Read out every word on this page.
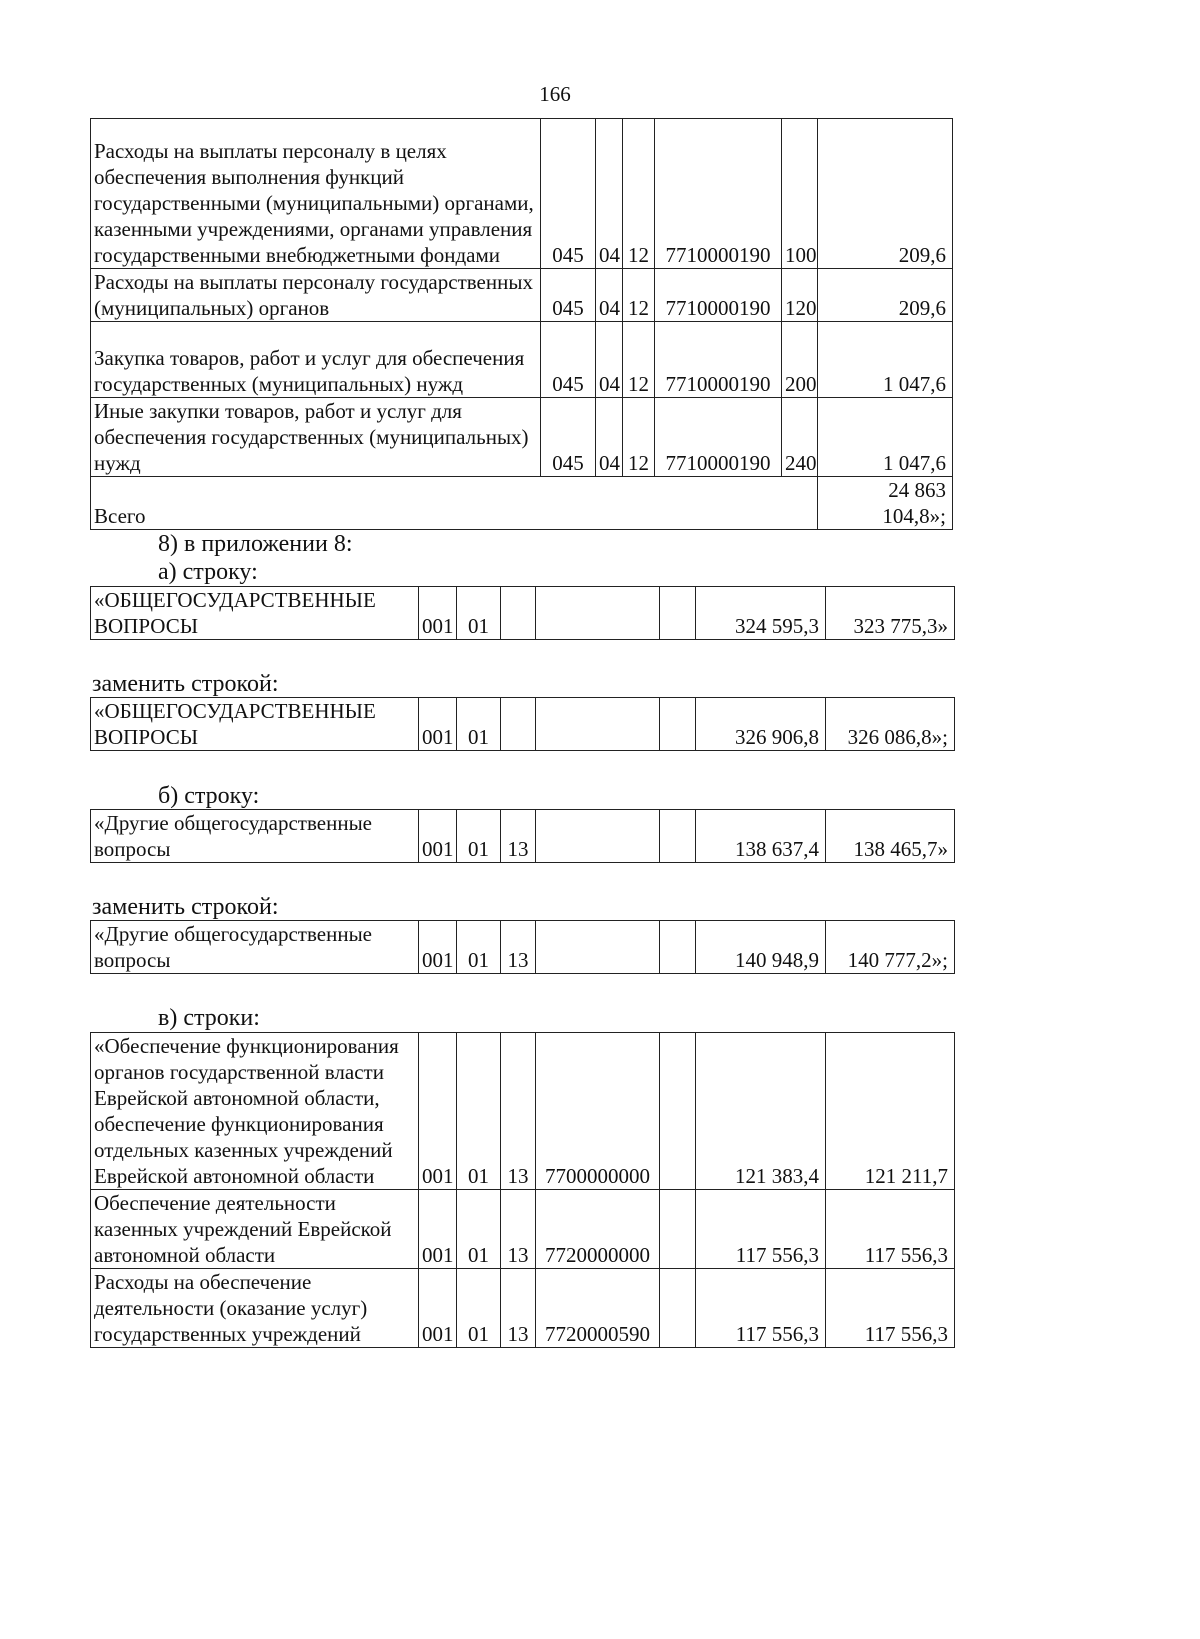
166
Расходы на выплаты персоналу в целях обеспечения выполнения функций государственными (муниципальными) органами, казенными учреждениями, органами управления государственными внебюджетными фондами	045	04	12	7710000190	100	209,6
Расходы на выплаты персоналу государственных (муниципальных) органов	045	04	12	7710000190	120	209,6
Закупка товаров, работ и услуг для обеспечения государственных (муниципальных) нужд	045	04	12	7710000190	200	1 047,6
Иные закупки товаров, работ и услуг для обеспечения государственных (муниципальных) нужд	045	04	12	7710000190	240	1 047,6
Всего						24 863 104,8»;
8) в приложении 8:
а) строку:
«ОБЩЕГОСУДАРСТВЕННЫЕ ВОПРОСЫ	001	01				324 595,3	323 775,3»
заменить строкой:
«ОБЩЕГОСУДАРСТВЕННЫЕ ВОПРОСЫ	001	01				326 906,8	326 086,8»;
б) строку:
«Другие общегосударственные вопросы	001	01	13			138 637,4	138 465,7»
заменить строкой:
«Другие общегосударственные вопросы	001	01	13			140 948,9	140 777,2»;
в) строки:
«Обеспечение функционирования органов государственной власти Еврейской автономной области, обеспечение функционирования отдельных казенных учреждений Еврейской автономной области	001	01	13	7700000000		121 383,4	121 211,7
Обеспечение деятельности казенных учреждений Еврейской автономной области	001	01	13	7720000000		117 556,3	117 556,3
Расходы на обеспечение деятельности (оказание услуг) государственных учреждений	001	01	13	7720000590		117 556,3	117 556,3
